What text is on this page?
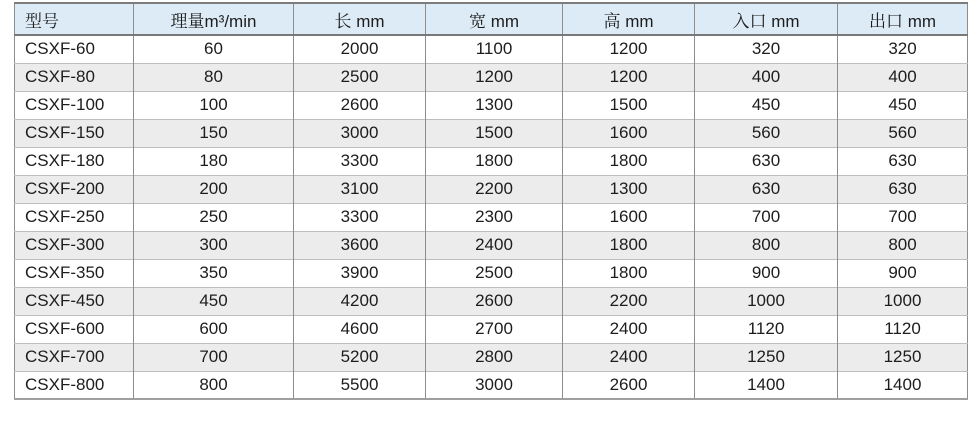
型号	理量m³/min	长 mm	宽 mm	高 mm	入口 mm	出口 mm
CSXF-60	60	2000	1100	1200	320	320
CSXF-80	80	2500	1200	1200	400	400
CSXF-100	100	2600	1300	1500	450	450
CSXF-150	150	3000	1500	1600	560	560
CSXF-180	180	3300	1800	1800	630	630
CSXF-200	200	3100	2200	1300	630	630
CSXF-250	250	3300	2300	1600	700	700
CSXF-300	300	3600	2400	1800	800	800
CSXF-350	350	3900	2500	1800	900	900
CSXF-450	450	4200	2600	2200	1000	1000
CSXF-600	600	4600	2700	2400	1120	1120
CSXF-700	700	5200	2800	2400	1250	1250
CSXF-800	800	5500	3000	2600	1400	1400
